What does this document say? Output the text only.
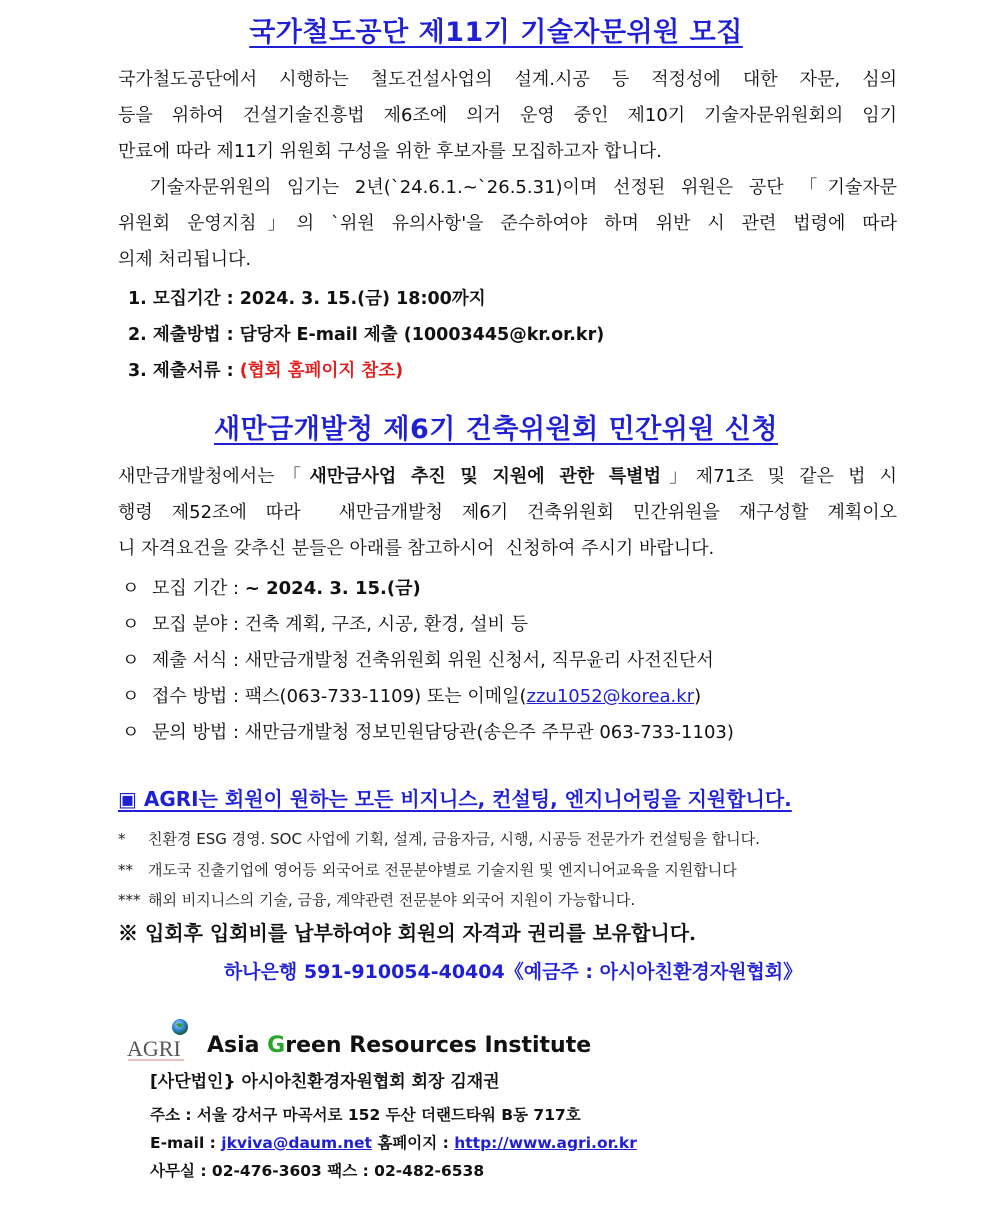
국가철도공단 제11기 기술자문위원 모집
국가철도공단에서 시행하는 철도건설사업의 설계.시공 등 적정성에 대한 자문, 심의
등을 위하여 건설기술진흥법 제6조에 의거 운영 중인 제10기 기술자문위원회의 임기
만료에 따라 제11기 위원회 구성을 위한 후보자를 모집하고자 합니다.
기술자문위원의 임기는 2년(`24.6.1.~`26.5.31)이며 선정된 위원은 공단 「기술자문
위원회 운영지침」의 `위원 유의사항'을 준수하여야 하며 위반 시 관련 법령에 따라
의제 처리됩니다.
1. 모집기간 : 2024. 3. 15.(금) 18:00까지
2. 제출방법 : 담당자 E-mail 제출 (10003445@kr.or.kr)
3. 제출서류 : (협회 홈페이지 참조)
새만금개발청 제6기 건축위원회 민간위원 신청
새만금개발청에서는「새만금사업 추진 및 지원에 관한 특별법」제71조 및 같은 법 시
행령 제52조에 따라  새만금개발청 제6기 건축위원회 민간위원을 재구성할 계획이오
니 자격요건을 갖추신 분들은 아래를 참고하시어  신청하여 주시기 바랍니다.
ㅇ 모집 기간 : ~ 2024. 3. 15.(금)
ㅇ 모집 분야 : 건축 계획, 구조, 시공, 환경, 설비 등
ㅇ 제출 서식 : 새만금개발청 건축위원회 위원 신청서, 직무윤리 사전진단서
ㅇ 접수 방법 : 팩스(063-733-1109) 또는 이메일(zzu1052@korea.kr)
ㅇ 문의 방법 : 새만금개발청 정보민원담당관(송은주 주무관 063-733-1103)
▣ AGRI는 회원이 원하는 모든 비지니스, 컨설팅, 엔지니어링을 지원합니다.
* 친환경 ESG 경영. SOC 사업에 기획, 설계, 금융자금, 시행, 시공등 전문가가 컨설팅을 합니다.
** 개도국 진출기업에 영어등 외국어로 전문분야별로 기술지원 및 엔지니어교육을 지원합니다
*** 해외 비지니스의 기술, 금융, 계약관련 전문분야 외국어 지원이 가능합니다.
※ 입회후 입회비를 납부하여야 회원의 자격과 권리를 보유합니다.
하나은행 591-910054-40404《예금주 : 아시아친환경자원협회》
AGRI Asia Green Resources Institute
[사단법인} 아시아친환경자원협회 회장 김재권
주소 : 서울 강서구 마곡서로 152 두산 더랜드타워 B동 717호
E-mail : jkviva@daum.net 홈페이지 : http://www.agri.or.kr
사무실 : 02-476-3603 팩스 : 02-482-6538
